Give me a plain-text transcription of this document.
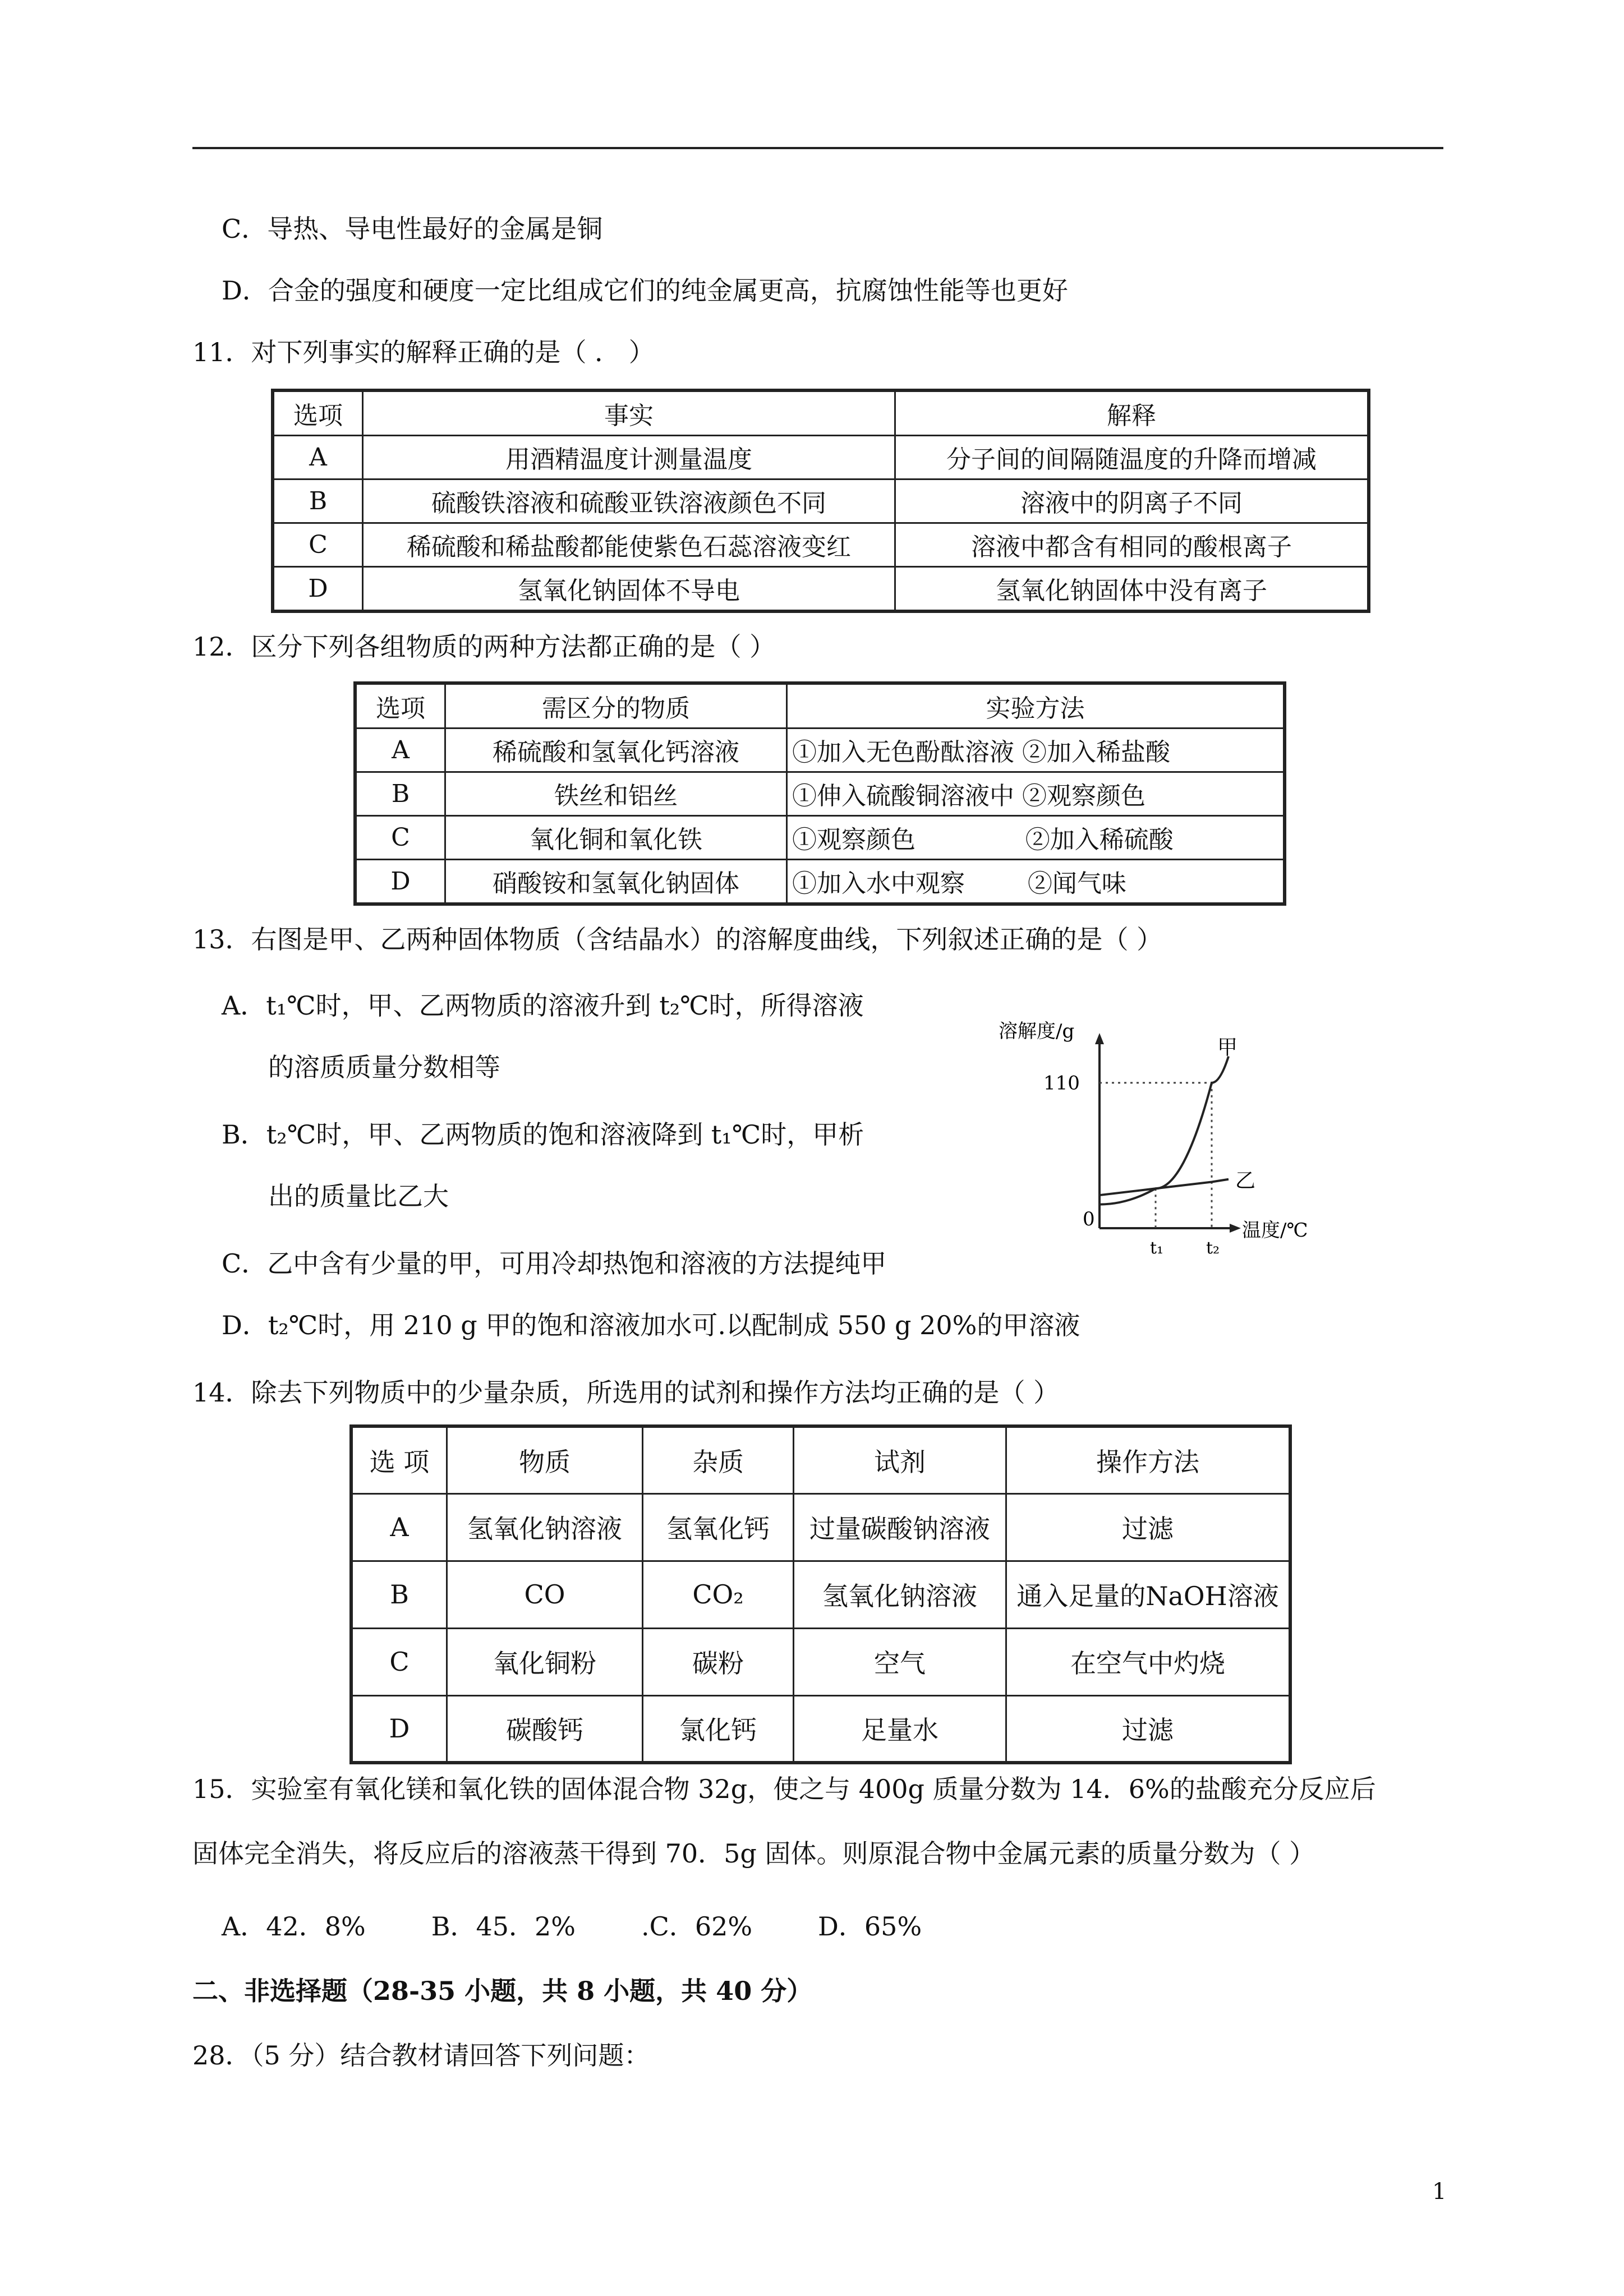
C．导热、导电性最好的金属是铜
D．合金的强度和硬度一定比组成它们的纯金属更高，抗腐蚀性能等也更好
11．对下列事实的解释正确的是（ ． ）
选项	事实	解释
A	用酒精温度计测量温度	分子间的间隔随温度的升降而增减
B	硫酸铁溶液和硫酸亚铁溶液颜色不同	溶液中的阴离子不同
C	稀硫酸和稀盐酸都能使紫色石蕊溶液变红	溶液中都含有相同的酸根离子
D	氢氧化钠固体不导电	氢氧化钠固体中没有离子
12．区分下列各组物质的两种方法都正确的是（ ）
选项	需区分的物质	实验方法
A	稀硫酸和氢氧化钙溶液	①加入无色酚酞溶液 ②加入稀盐酸
B	铁丝和铝丝	①伸入硫酸铜溶液中 ②观察颜色
C	氧化铜和氧化铁	①观察颜色              ②加入稀硫酸
D	硝酸铵和氢氧化钠固体	①加入水中观察        ②闻气味
13．右图是甲、乙两种固体物质（含结晶水）的溶解度曲线，下列叙述正确的是（ ）
A．t₁℃时，甲、乙两物质的溶液升到 t₂℃时，所得溶液
的溶质质量分数相等
B．t₂℃时，甲、乙两物质的饱和溶液降到 t₁℃时，甲析
出的质量比乙大
C．乙中含有少量的甲，可用冷却热饱和溶液的方法提纯甲
D．t₂℃时，用 210 g 甲的饱和溶液加水可.以配制成 550 g 20%的甲溶液
溶解度/g
温度/℃
0
110
t₁	t₂
甲
乙
14．除去下列物质中的少量杂质，所选用的试剂和操作方法均正确的是（ ）
选 项	物质	杂质	试剂	操作方法
A	氢氧化钠溶液	氢氧化钙	过量碳酸钠溶液	过滤
B	CO	CO₂	氢氧化钠溶液	通入足量的NaOH溶液
C	氧化铜粉	碳粉	空气	在空气中灼烧
D	碳酸钙	氯化钙	足量水	过滤
15．实验室有氧化镁和氧化铁的固体混合物 32g，使之与 400g 质量分数为 14．6%的盐酸充分反应后
固体完全消失，将反应后的溶液蒸干得到 70．5g 固体。则原混合物中金属元素的质量分数为（ ）
A．42．8%        B．45．2%        .C．62%        D．65%
二、非选择题（28-35 小题，共 8 小题，共 40 分）
28．（5 分）结合教材请回答下列问题：
1
